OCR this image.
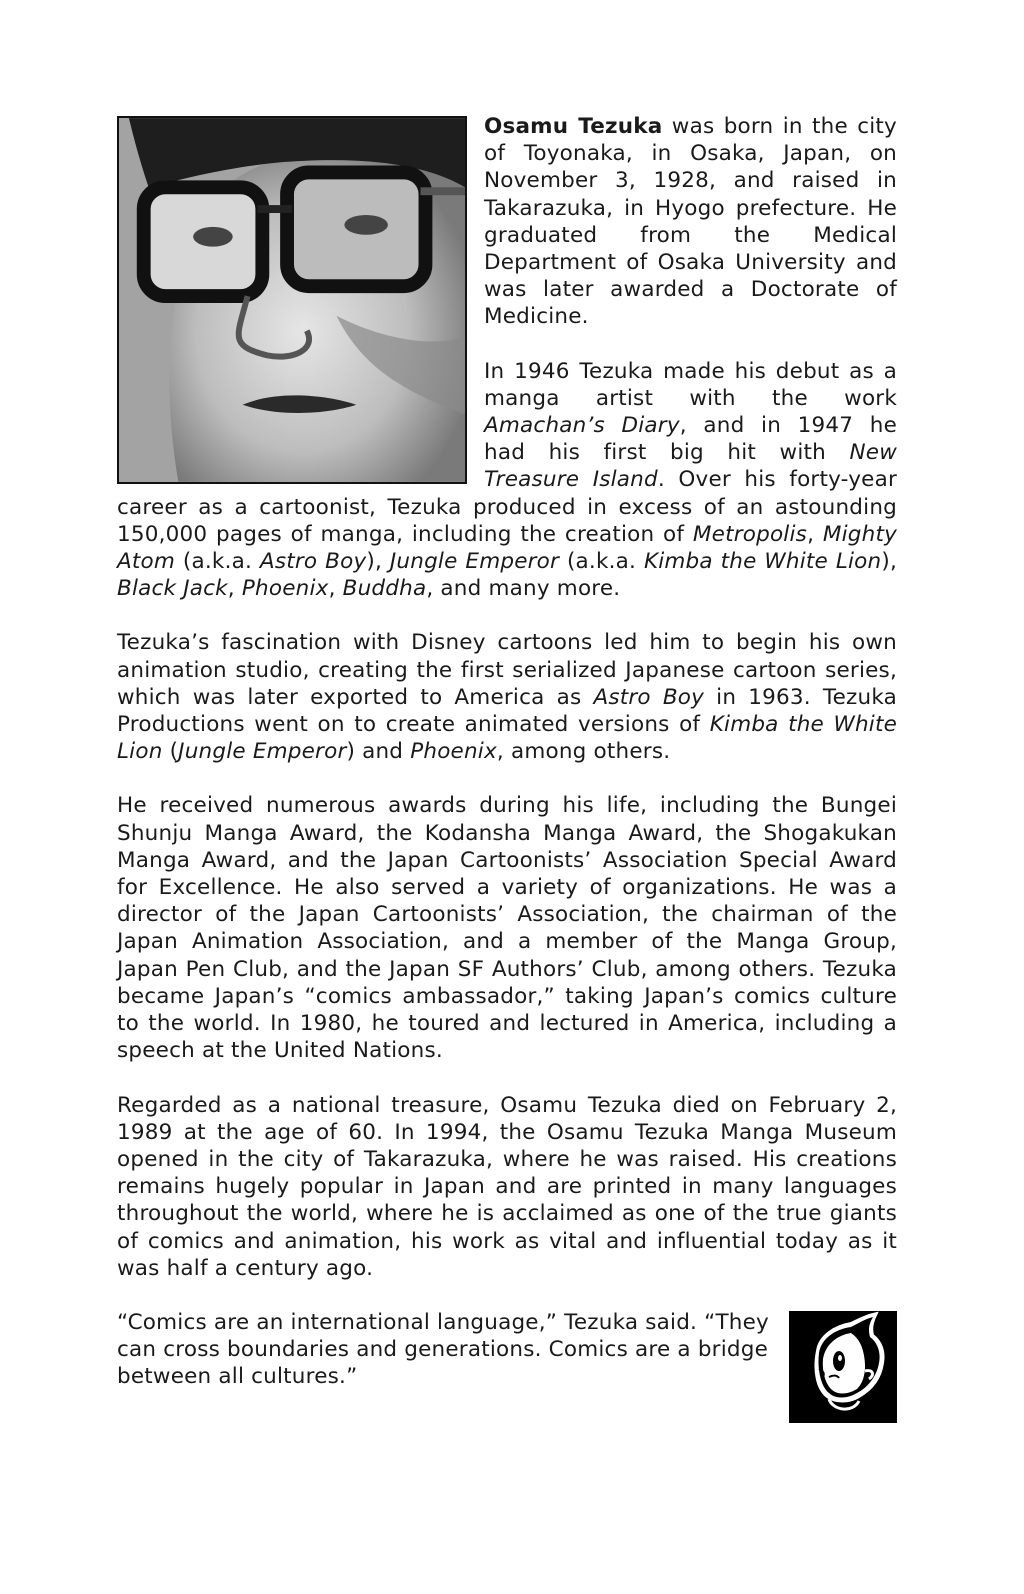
Osamu Tezuka was born in the city of Toyonaka, in Osaka, Japan, on November 3, 1928, and raised in Takarazuka, in Hyogo prefecture. He graduated from the Medical Department of Osaka University and was later awarded a Doctorate of Medicine.

In 1946 Tezuka made his debut as a manga artist with the work Amachan’s Diary, and in 1947 he had his first big hit with New Treasure Island. Over his forty-year career as a cartoonist, Tezuka produced in excess of an astounding 150,000 pages of manga, including the creation of Metropolis, Mighty Atom (a.k.a. Astro Boy), Jungle Emperor (a.k.a. Kimba the White Lion), Black Jack, Phoenix, Buddha, and many more.

Tezuka’s fascination with Disney cartoons led him to begin his own animation studio, creating the first serialized Japanese cartoon series, which was later exported to America as Astro Boy in 1963. Tezuka Productions went on to create animated versions of Kimba the White Lion (Jungle Emperor) and Phoenix, among others.

He received numerous awards during his life, including the Bungei Shunju Manga Award, the Kodansha Manga Award, the Shogakukan Manga Award, and the Japan Cartoonists’ Association Special Award for Excellence. He also served a variety of organizations. He was a director of the Japan Cartoonists’ Association, the chairman of the Japan Animation Association, and a member of the Manga Group, Japan Pen Club, and the Japan SF Authors’ Club, among others. Tezuka became Japan’s “comics ambassador,” taking Japan’s comics culture to the world. In 1980, he toured and lectured in America, including a speech at the United Nations.

Regarded as a national treasure, Osamu Tezuka died on February 2, 1989 at the age of 60. In 1994, the Osamu Tezuka Manga Museum opened in the city of Takarazuka, where he was raised. His creations remains hugely popular in Japan and are printed in many languages throughout the world, where he is acclaimed as one of the true giants of comics and animation, his work as vital and influential today as it was half a century ago.

“Comics are an international language,” Tezuka said. “They can cross boundaries and generations. Comics are a bridge between all cultures.”
